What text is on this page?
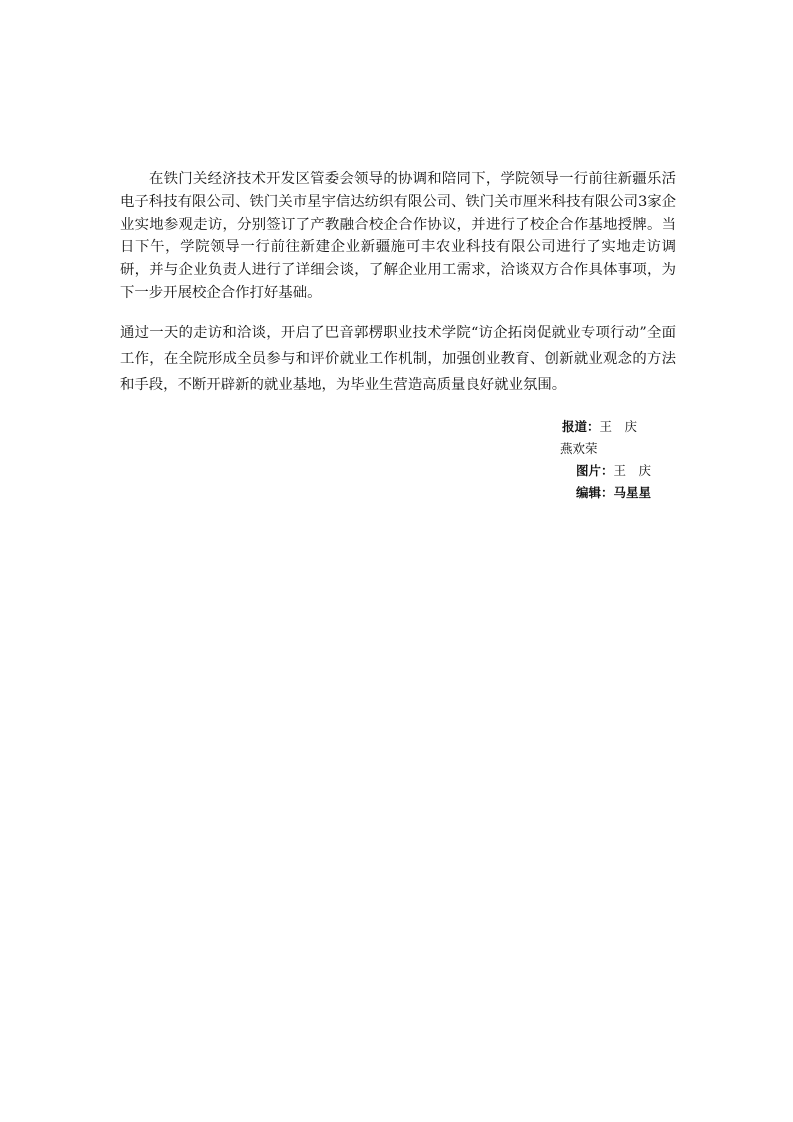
在铁门关经济技术开发区管委会领导的协调和陪同下，学院领导一行前往新疆乐活电子科技有限公司、铁门关市星宇信达纺织有限公司、铁门关市厘米科技有限公司3家企业实地参观走访，分别签订了产教融合校企合作协议，并进行了校企合作基地授牌。当日下午，学院领导一行前往新建企业新疆施可丰农业科技有限公司进行了实地走访调研，并与企业负责人进行了详细会谈，了解企业用工需求，洽谈双方合作具体事项，为下一步开展校企合作打好基础。

通过一天的走访和洽谈，开启了巴音郭楞职业技术学院“访企拓岗促就业专项行动”全面工作，在全院形成全员参与和评价就业工作机制，加强创业教育、创新就业观念的方法和手段，不断开辟新的就业基地，为毕业生营造高质量良好就业氛围。

报道：王　庆
燕欢荣
图片：王　庆
编辑：马星星
